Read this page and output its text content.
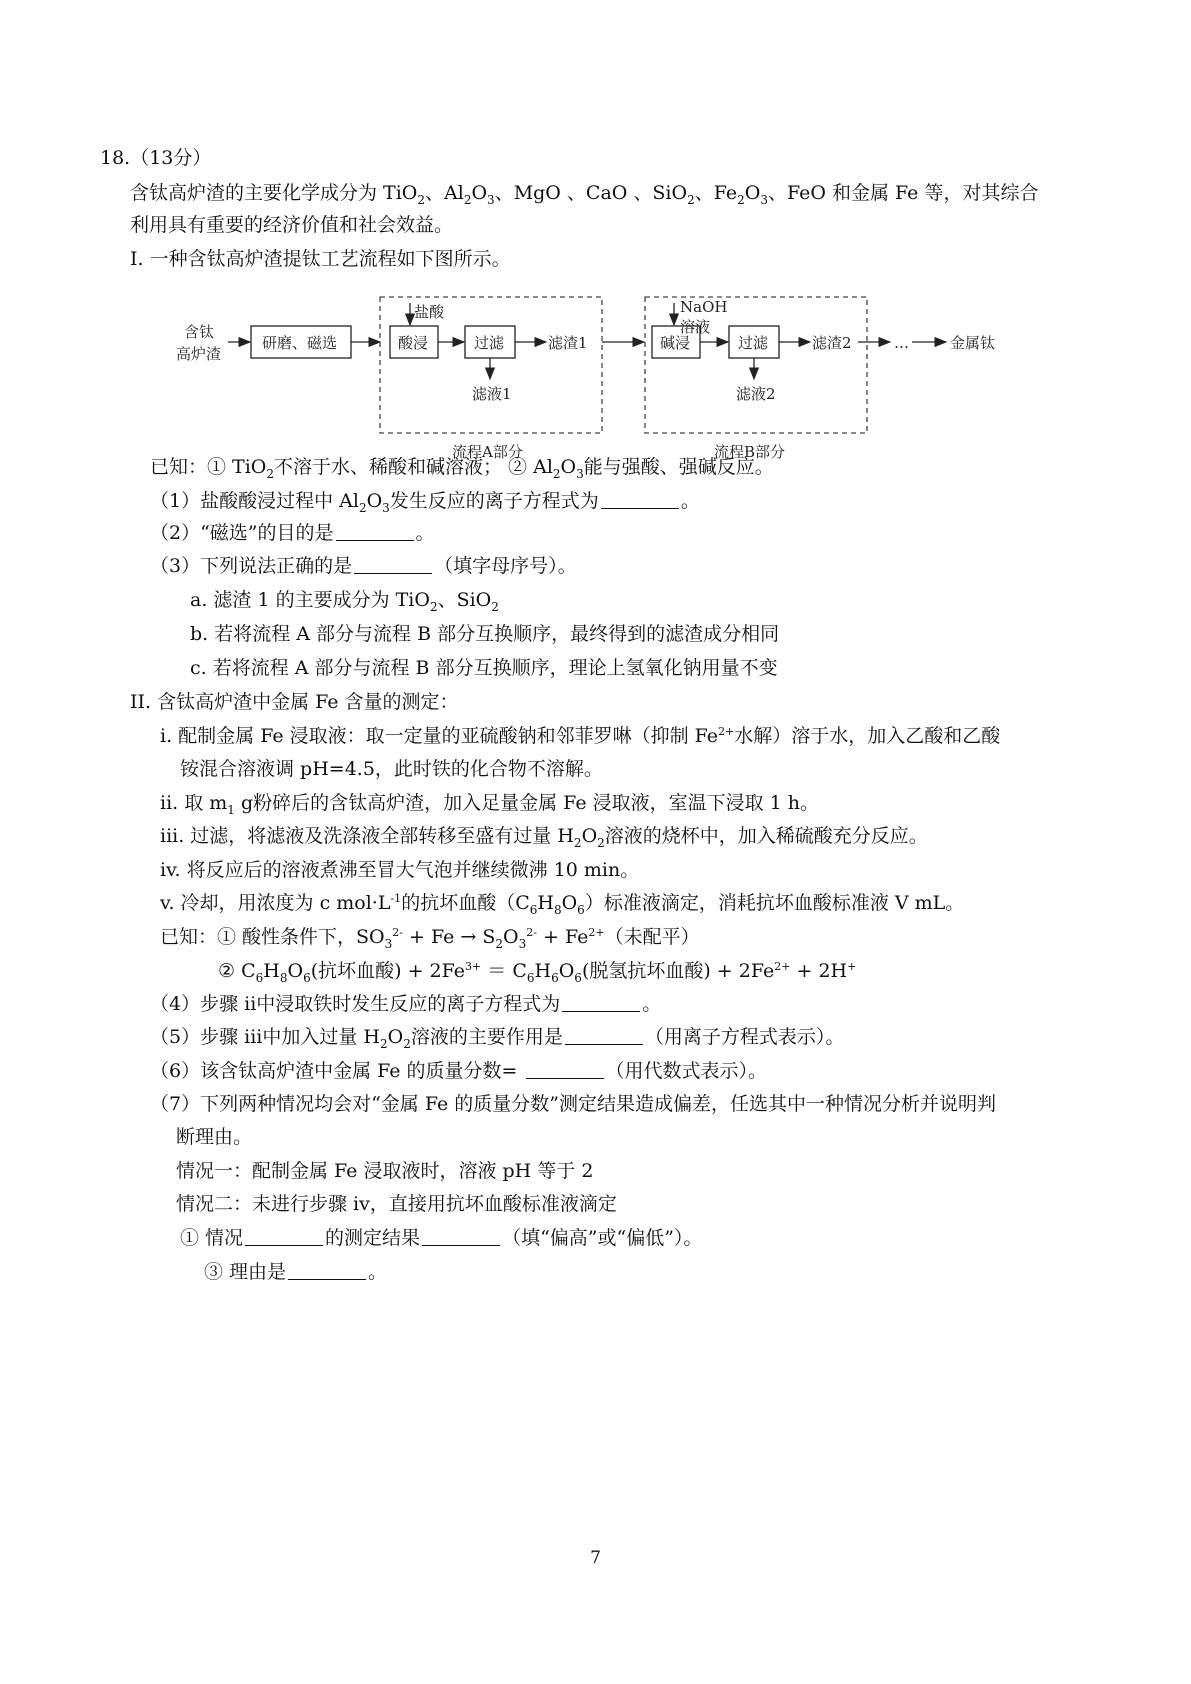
18.（13分）
含钛高炉渣的主要化学成分为 TiO$_2$、$Al_2O_3$、MgO 、CaO 、SiO$_2$、$Fe_2O_3$、FeO 和金属 Fe 等，对其综合
利用具有重要的经济价值和社会效益。
I. 一种含钛高炉渣提钛工艺流程如下图所示。
含钛
高炉渣
研磨、磁选
盐酸
酸浸	过滤	滤渣1
滤液1
流程A部分
NaOH
溶液
碱浸	过滤	滤渣2
滤液2
流程B部分
…	金属钛
已知：① TiO$_2$不溶于水、稀酸和碱溶液； ② $Al_2O_3$能与强酸、强碱反应。
（1）盐酸酸浸过程中 $Al_2O_3$发生反应的离子方程式为	。
（2）“磁选”的目的是	。
（3）下列说法正确的是	（填字母序号）。
a. 滤渣 1 的主要成分为 TiO$_2$、SiO$_2$
b. 若将流程 A 部分与流程 B 部分互换顺序，最终得到的滤渣成分相同
c. 若将流程 A 部分与流程 B 部分互换顺序，理论上氢氧化钠用量不变
II. 含钛高炉渣中金属 Fe 含量的测定：
i. 配制金属 Fe 浸取液：取一定量的亚硫酸钠和邻菲罗啉（抑制 $Fe^{2+}$水解）溶于水，加入乙酸和乙酸
铵混合溶液调 pH=4.5，此时铁的化合物不溶解。
ii. 取 $m_1$ g粉碎后的含钛高炉渣，加入足量金属 Fe 浸取液，室温下浸取 1 h。
iii. 过滤，将滤液及洗涤液全部转移至盛有过量 $H_2O_2$溶液的烧杯中，加入稀硫酸充分反应。
iv. 将反应后的溶液煮沸至冒大气泡并继续微沸 10 min。
v. 冷却，用浓度为 c $mol\cdot L^{-1}$的抗坏血酸$(C_6H_8O_6)$标准液滴定，消耗抗坏血酸标准液 V mL。
已知：① 酸性条件下，$SO_3^{2-} + Fe \to S_2O_3^{2-} + Fe^{2+}$（未配平）
② $C_6H_8O_6$(抗坏血酸) + $2Fe^{3+} = C_6H_6O_6$(脱氢抗坏血酸) + $2Fe^{2+} + 2H^+$
（4）步骤 ii中浸取铁时发生反应的离子方程式为	。
（5）步骤 iii中加入过量 $H_2O_2$溶液的主要作用是	（用离子方程式表示）。
（6）该含钛高炉渣中金属 Fe 的质量分数=	（用代数式表示）。
（7）下列两种情况均会对“金属 Fe 的质量分数”测定结果造成偏差，任选其中一种情况分析并说明判
断理由。
情况一：配制金属 Fe 浸取液时，溶液 pH 等于 2
情况二：未进行步骤 iv，直接用抗坏血酸标准液滴定
① 情况	的测定结果	（填“偏高”或“偏低”）。
③ 理由是	。
7
